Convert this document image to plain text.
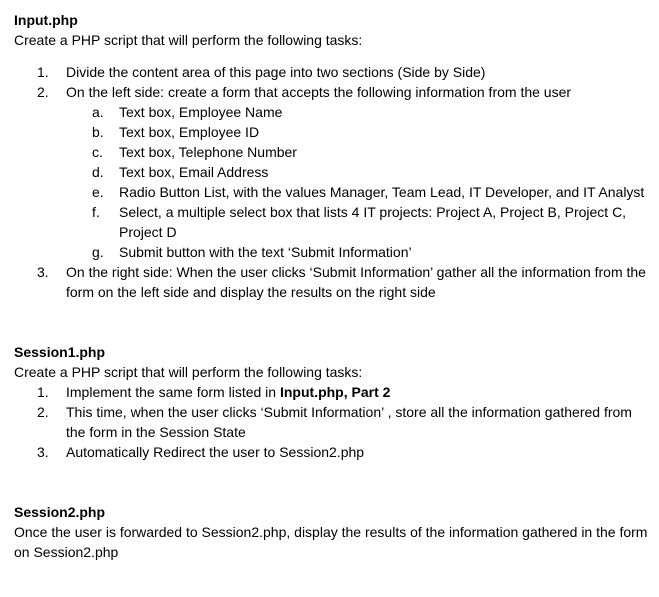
Input.php

Create a PHP script that will perform the following tasks:

1.	Divide the content area of this page into two sections (Side by Side)
2.	On the left side: create a form that accepts the following information from the user
a.	Text box, Employee Name
b.	Text box, Employee ID
c.	Text box, Telephone Number
d.	Text box, Email Address
e.	Radio Button List, with the values Manager, Team Lead, IT Developer, and IT Analyst
f.	Select, a multiple select box that lists 4 IT projects: Project A, Project B, Project C, Project D
g.	Submit button with the text ‘Submit Information’
3.	On the right side: When the user clicks ‘Submit Information’ gather all the information from the form on the left side and display the results on the right side

Session1.php

Create a PHP script that will perform the following tasks:

1.	Implement the same form listed in Input.php, Part 2
2.	This time, when the user clicks ‘Submit Information’ , store all the information gathered from the form in the Session State
3.	Automatically Redirect the user to Session2.php

Session2.php

Once the user is forwarded to Session2.php, display the results of the information gathered in the form on Session2.php
